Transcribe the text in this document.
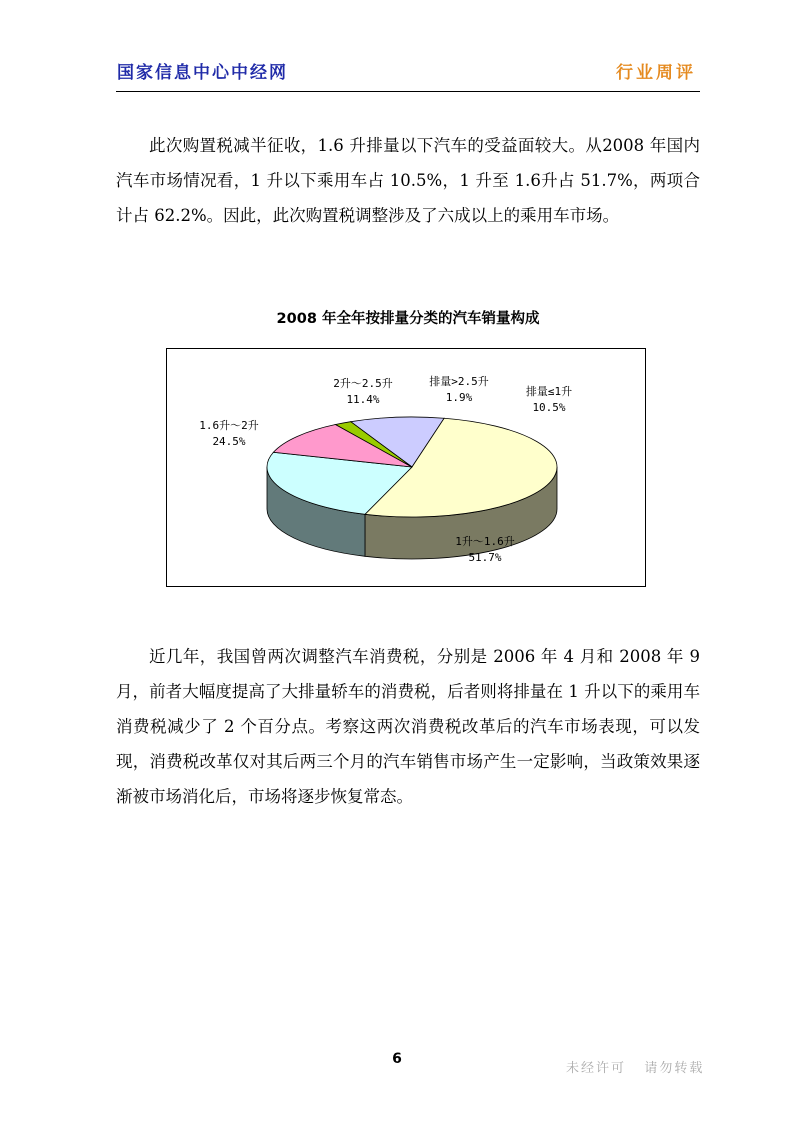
国家信息中心中经网	行业周评

此次购置税减半征收，1.6 升排量以下汽车的受益面较大。从2008 年国内汽车市场情况看，1 升以下乘用车占 10.5%，1 升至 1.6升占 51.7%，两项合计占 62.2%。因此，此次购置税调整涉及了六成以上的乘用车市场。

2008 年全年按排量分类的汽车销量构成
排量≤1升
10.5%
1升～1.6升
51.7%
1.6升～2升
24.5%
2升～2.5升
11.4%
排量>2.5升
1.9%

近几年，我国曾两次调整汽车消费税，分别是 2006 年 4 月和 2008 年 9 月，前者大幅度提高了大排量轿车的消费税，后者则将排量在 1 升以下的乘用车消费税减少了 2 个百分点。考察这两次消费税改革后的汽车市场表现，可以发现，消费税改革仅对其后两三个月的汽车销售市场产生一定影响，当政策效果逐渐被市场消化后，市场将逐步恢复常态。

6
未经许可   请勿转载
